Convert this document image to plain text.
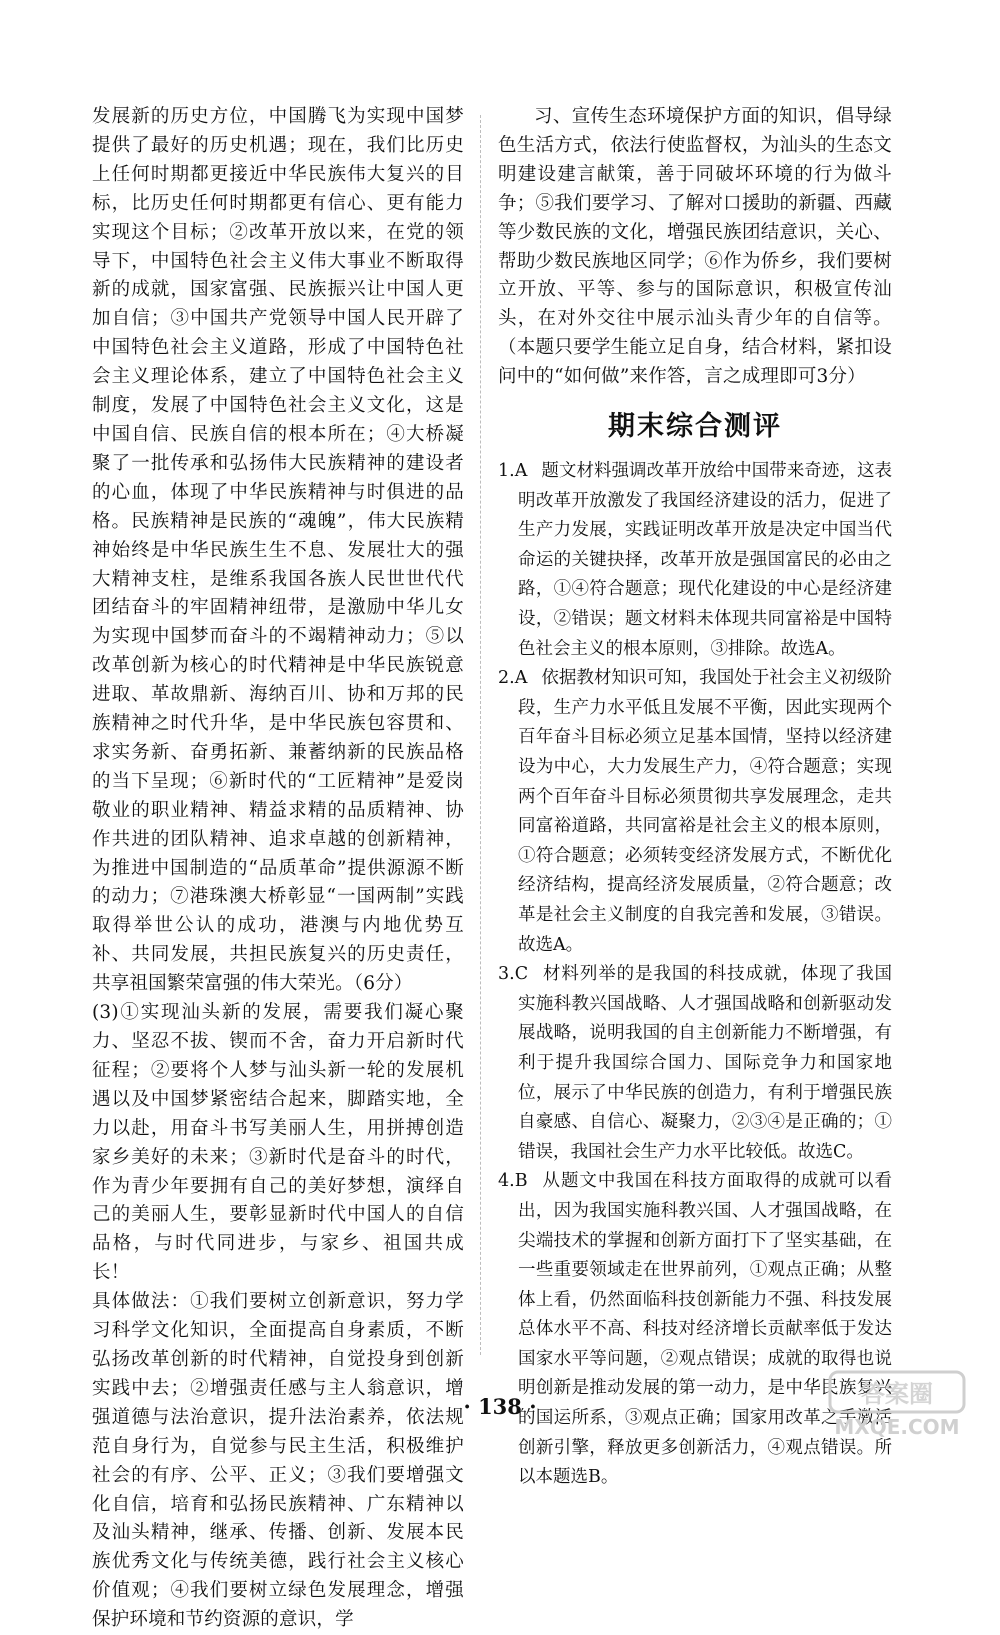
发展新的历史方位，中国腾飞为实现中国梦提供了最好的历史机遇；现在，我们比历史上任何时期都更接近中华民族伟大复兴的目标，比历史任何时期都更有信心、更有能力实现这个目标；②改革开放以来，在党的领导下，中国特色社会主义伟大事业不断取得新的成就，国家富强、民族振兴让中国人更加自信；③中国共产党领导中国人民开辟了中国特色社会主义道路，形成了中国特色社会主义理论体系，建立了中国特色社会主义制度，发展了中国特色社会主义文化，这是中国自信、民族自信的根本所在；④大桥凝聚了一批传承和弘扬伟大民族精神的建设者的心血，体现了中华民族精神与时俱进的品格。民族精神是民族的“魂魄”，伟大民族精神始终是中华民族生生不息、发展壮大的强大精神支柱，是维系我国各族人民世世代代团结奋斗的牢固精神纽带，是激励中华儿女为实现中国梦而奋斗的不竭精神动力；⑤以改革创新为核心的时代精神是中华民族锐意进取、革故鼎新、海纳百川、协和万邦的民族精神之时代升华，是中华民族包容贯和、求实务新、奋勇拓新、兼蓄纳新的民族品格的当下呈现；⑥新时代的“工匠精神”是爱岗敬业的职业精神、精益求精的品质精神、协作共进的团队精神、追求卓越的创新精神，为推进中国制造的“品质革命”提供源源不断的动力；⑦港珠澳大桥彰显“一国两制”实践取得举世公认的成功，港澳与内地优势互补、共同发展，共担民族复兴的历史责任，共享祖国繁荣富强的伟大荣光。（6分）

(3)①实现汕头新的发展，需要我们凝心聚力、坚忍不拔、锲而不舍，奋力开启新时代征程；②要将个人梦与汕头新一轮的发展机遇以及中国梦紧密结合起来，脚踏实地，全力以赴，用奋斗书写美丽人生，用拼搏创造家乡美好的未来；③新时代是奋斗的时代，作为青少年要拥有自己的美好梦想，演绎自己的美丽人生，要彰显新时代中国人的自信品格，与时代同进步，与家乡、祖国共成长！

具体做法：①我们要树立创新意识，努力学习科学文化知识，全面提高自身素质，不断弘扬改革创新的时代精神，自觉投身到创新实践中去；②增强责任感与主人翁意识，增强道德与法治意识，提升法治素养，依法规范自身行为，自觉参与民主生活，积极维护社会的有序、公平、正义；③我们要增强文化自信，培育和弘扬民族精神、广东精神以及汕头精神，继承、传播、创新、发展本民族优秀文化与传统美德，践行社会主义核心价值观；④我们要树立绿色发展理念，增强保护环境和节约资源的意识，学

习、宣传生态环境保护方面的知识，倡导绿色生活方式，依法行使监督权，为汕头的生态文明建设建言献策，善于同破坏环境的行为做斗争；⑤我们要学习、了解对口援助的新疆、西藏等少数民族的文化，增强民族团结意识，关心、帮助少数民族地区同学；⑥作为侨乡，我们要树立开放、平等、参与的国际意识，积极宣传汕头，在对外交往中展示汕头青少年的自信等。（本题只要学生能立足自身，结合材料，紧扣设问中的“如何做”来作答，言之成理即可3分）

期末综合测评
1.A 题文材料强调改革开放给中国带来奇迹，这表明改革开放激发了我国经济建设的活力，促进了生产力发展，实践证明改革开放是决定中国当代命运的关键抉择，改革开放是强国富民的必由之路，①④符合题意；现代化建设的中心是经济建设，②错误；题文材料未体现共同富裕是中国特色社会主义的根本原则，③排除。故选A。
2.A 依据教材知识可知，我国处于社会主义初级阶段，生产力水平低且发展不平衡，因此实现两个百年奋斗目标必须立足基本国情，坚持以经济建设为中心，大力发展生产力，④符合题意；实现两个百年奋斗目标必须贯彻共享发展理念，走共同富裕道路，共同富裕是社会主义的根本原则，①符合题意；必须转变经济发展方式，不断优化经济结构，提高经济发展质量，②符合题意；改革是社会主义制度的自我完善和发展，③错误。故选A。
3.C 材料列举的是我国的科技成就，体现了我国实施科教兴国战略、人才强国战略和创新驱动发展战略，说明我国的自主创新能力不断增强，有利于提升我国综合国力、国际竞争力和国家地位，展示了中华民族的创造力，有利于增强民族自豪感、自信心、凝聚力，②③④是正确的；①错误，我国社会生产力水平比较低。故选C。
4.B 从题文中我国在科技方面取得的成就可以看出，因为我国实施科教兴国、人才强国战略，在尖端技术的掌握和创新方面打下了坚实基础，在一些重要领域走在世界前列，①观点正确；从整体上看，仍然面临科技创新能力不强、科技发展总体水平不高、科技对经济增长贡献率低于发达国家水平等问题，②观点错误；成就的取得也说明创新是推动发展的第一动力，是中华民族复兴的国运所系，③观点正确；国家用改革之手激活创新引擎，释放更多创新活力，④观点错误。所以本题选B。
· 138 ·	答案圈
MXQE.COM
